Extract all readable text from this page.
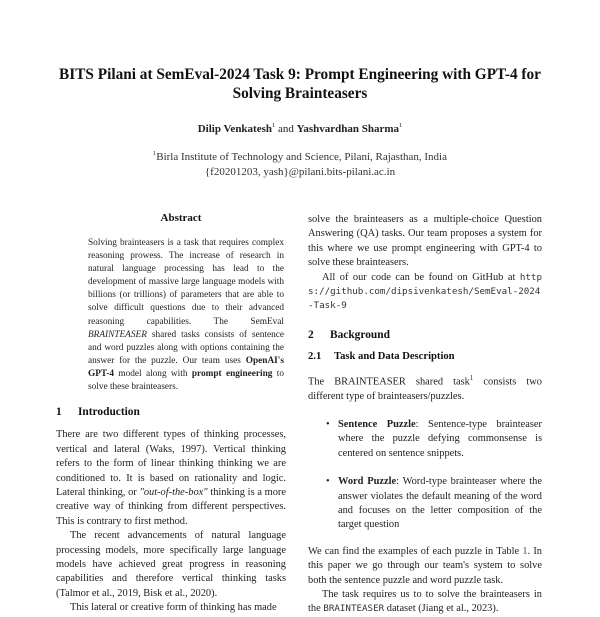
BITS Pilani at SemEval-2024 Task 9: Prompt Engineering with GPT-4 for
Solving Brainteasers
Dilip Venkatesh$^1$ and Yashvardhan Sharma$^1$
$^1$Birla Institute of Technology and Science, Pilani, Rajasthan, India
{f20201203, yash}@pilani.bits-pilani.ac.in
Abstract

Solving brainteasers is a task that requires complex reasoning prowess. The increase of research in natural language processing has lead to the development of massive large language models with billions (or trillions) of parameters that are able to solve difficult questions due to their advanced reasoning capabilities. The SemEval BRAINTEASER shared tasks consists of sentence and word puzzles along with options containing the answer for the puzzle. Our team uses OpenAI's GPT-4 model along with prompt engineering to solve these brainteasers.

1 Introduction

There are two different types of thinking processes, vertical and lateral (Waks, 1997). Vertical thinking refers to the form of linear thinking thinking we are conditioned to. It is based on rationality and logic. Lateral thinking, or "out-of-the-box" thinking is a more creative way of thinking from different perspectives. This is contrary to first method.

The recent advancements of natural language processing models, more specifically large language models have achieved great progress in reasoning capabilities and therefore vertical thinking tasks (Talmor et al., 2019, Bisk et al., 2020).

This lateral or creative form of thinking has made

solve the brainteasers as a multiple-choice Question Answering (QA) tasks. Our team proposes a system for this where we use prompt engineering with GPT-4 to solve these brainteasers.

All of our code can be found on GitHub at https://github.com/dipsivenkatesh/SemEval-2024-Task-9

2 Background
2.1 Task and Data Description

The BRAINTEASER shared task$^1$ consists two different type of brainteasers/puzzles.

• Sentence Puzzle: Sentence-type brainteaser where the puzzle defying commonsense is centered on sentence snippets.
• Word Puzzle: Word-type brainteaser where the answer violates the default meaning of the word and focuses on the letter composition of the target question

We can find the examples of each puzzle in Table 1. In this paper we go through our team's system to solve both the sentence puzzle and word puzzle task.

The task requires us to to solve the brainteasers in the BRAINTEASER dataset (Jiang et al., 2023).
